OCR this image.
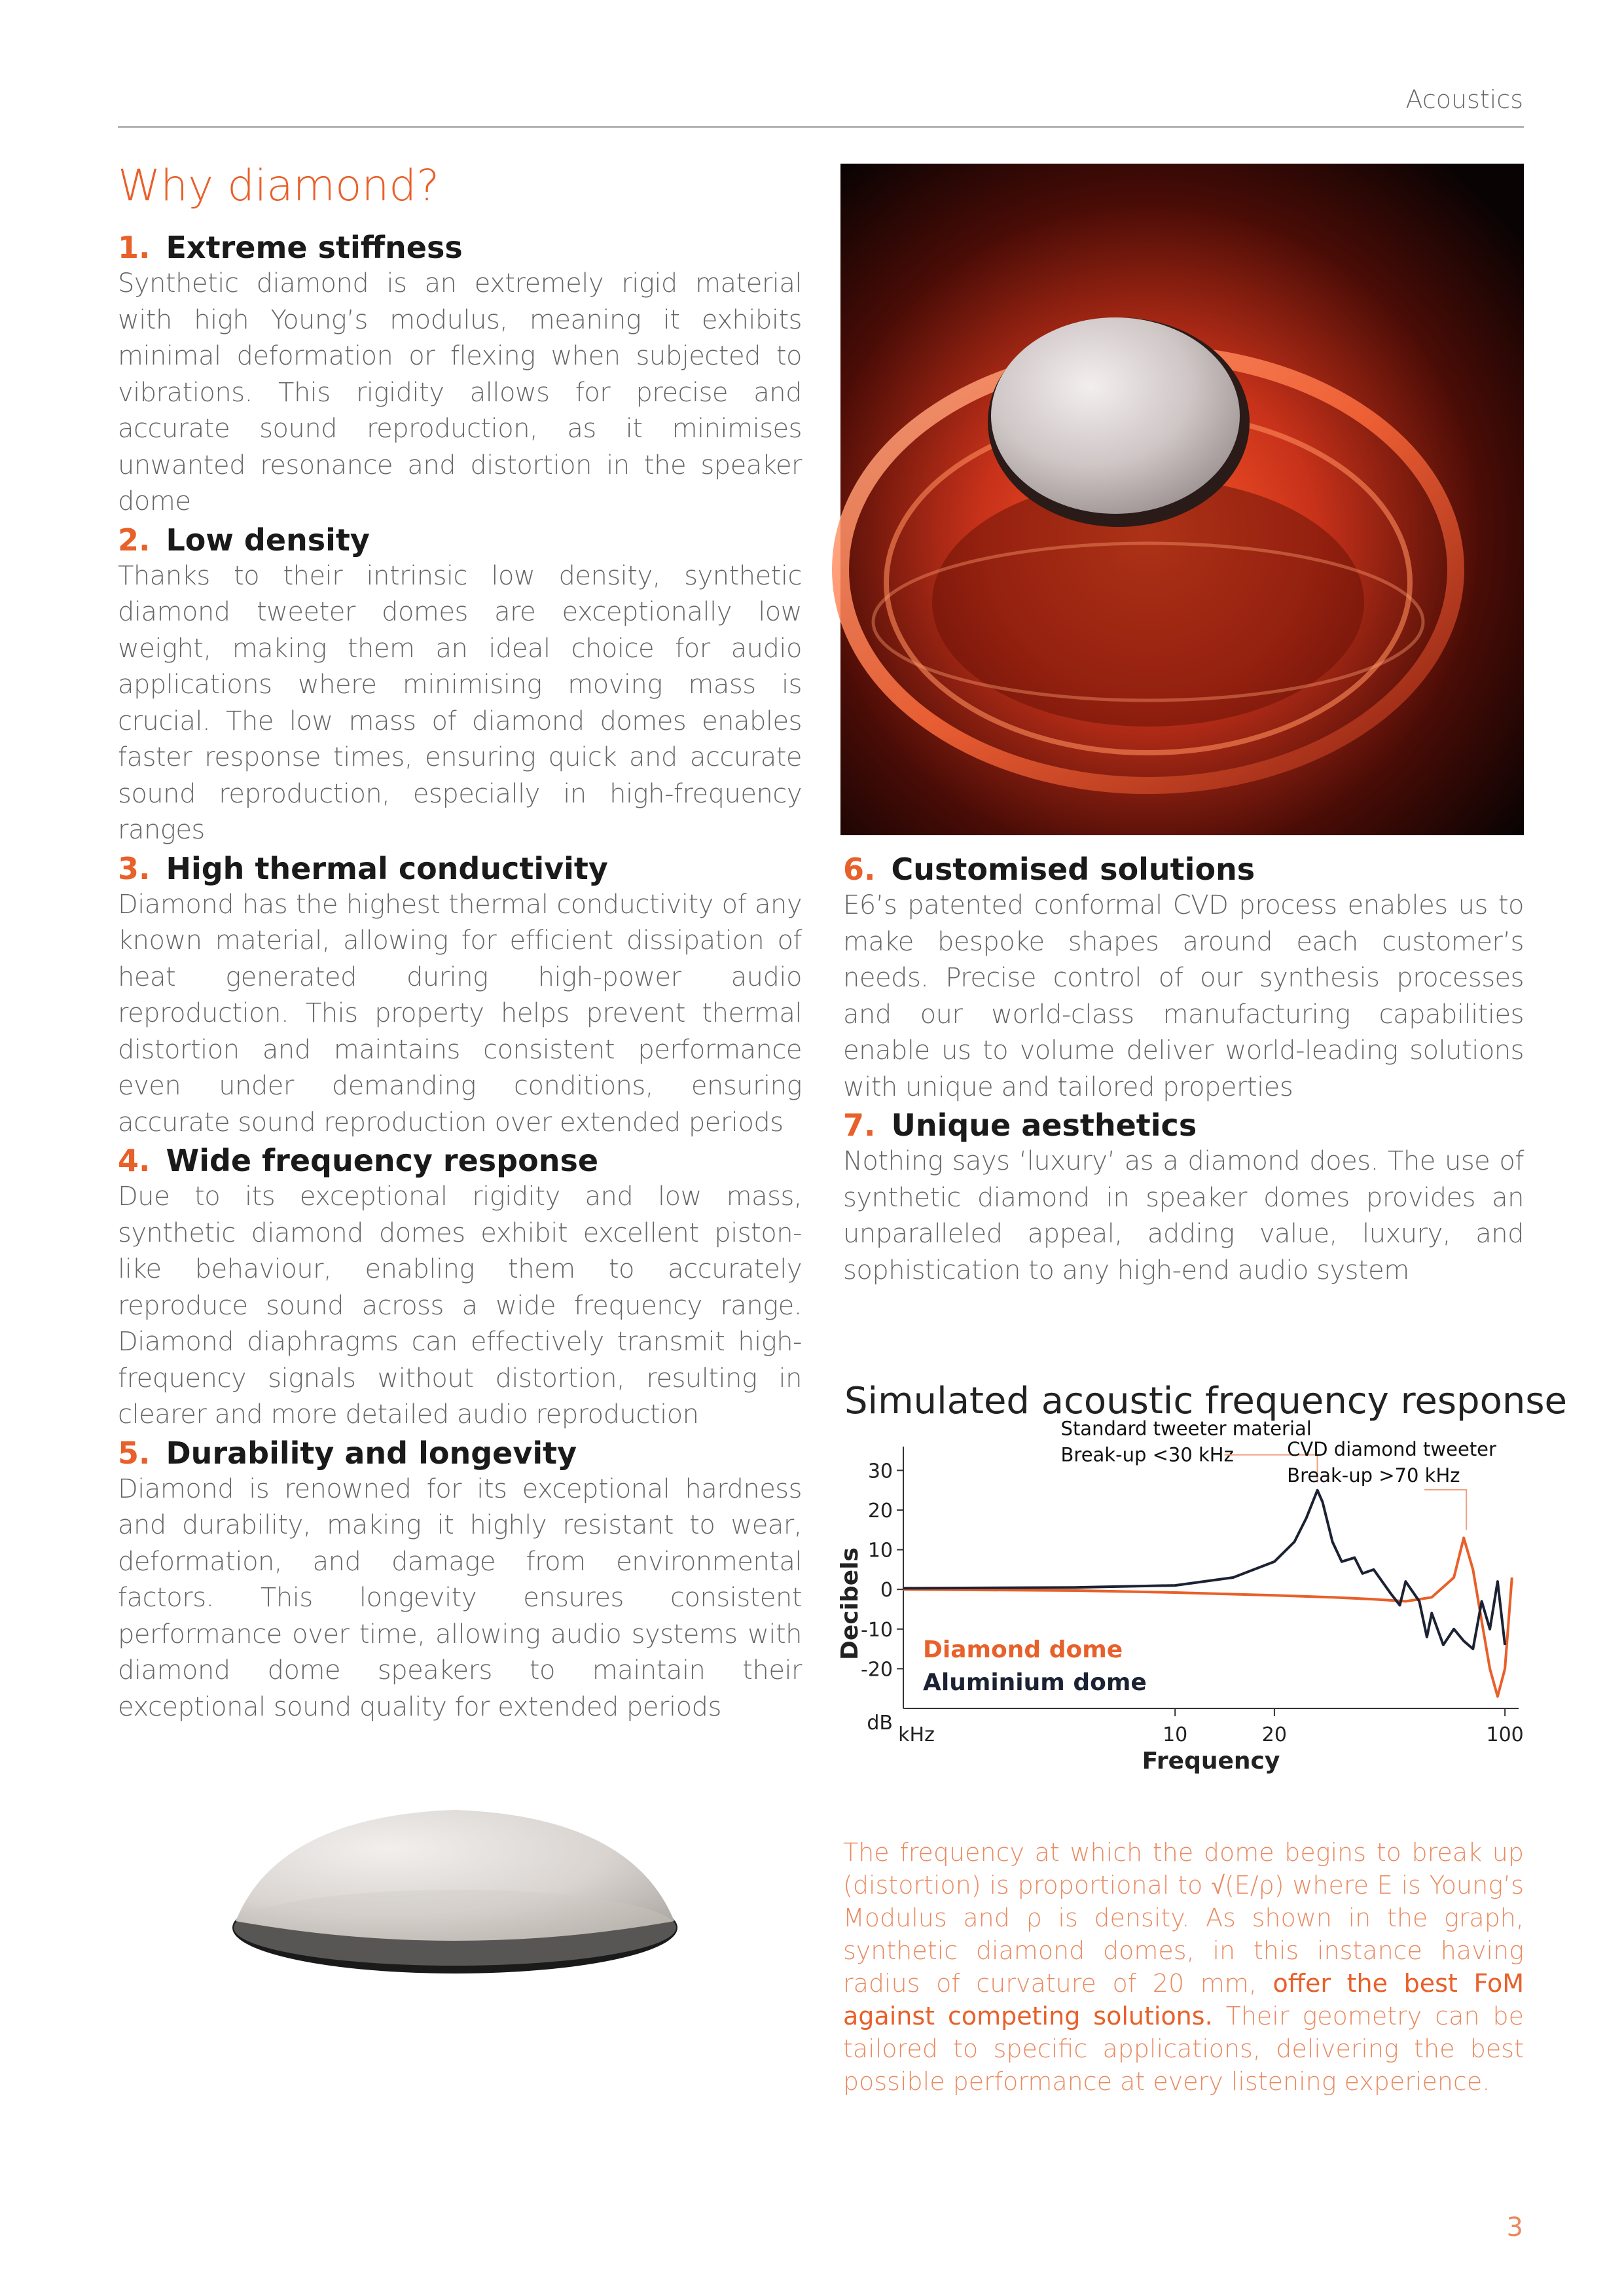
Acoustics
Why diamond?
1. Extreme stiffness

Synthetic diamond is an extremely rigid material with high Young’s modulus, meaning it exhibits minimal deformation or flexing when subjected to vibrations. This rigidity allows for precise and accurate sound reproduction, as it minimises unwanted resonance and distortion in the speaker dome

2. Low density

Thanks to their intrinsic low density, synthetic diamond tweeter domes are exceptionally low weight, making them an ideal choice for audio applications where minimising moving mass is crucial. The low mass of diamond domes enables faster response times, ensuring quick and accurate sound reproduction, especially in high-frequency ranges

3. High thermal conductivity

Diamond has the highest thermal conductivity of any known material, allowing for efficient dissipation of heat generated during high-power audio reproduction. This property helps prevent thermal distortion and maintains consistent performance even under demanding conditions, ensuring accurate sound reproduction over extended periods

4. Wide frequency response

Due to its exceptional rigidity and low mass, synthetic diamond domes exhibit excellent piston-like behaviour, enabling them to accurately reproduce sound across a wide frequency range. Diamond diaphragms can effectively transmit high-frequency signals without distortion, resulting in clearer and more detailed audio reproduction

5. Durability and longevity

Diamond is renowned for its exceptional hardness and durability, making it highly resistant to wear, deformation, and damage from environmental factors. This longevity ensures consistent performance over time, allowing audio systems with diamond dome speakers to maintain their exceptional sound quality for extended periods

6. Customised solutions

E6’s patented conformal CVD process enables us to make bespoke shapes around each customer’s needs. Precise control of our synthesis processes and our world-class manufacturing capabilities enable us to volume deliver world-leading solutions with unique and tailored properties

7. Unique aesthetics

Nothing says ‘luxury’ as a diamond does. The use of synthetic diamond in speaker domes provides an unparalleled appeal, adding value, luxury, and sophistication to any high-end audio system

Simulated acoustic frequency response
30
20
10
0
-10
-20
dB
Decibels
10	20	100
kHz
Frequency
Diamond dome
Aluminium dome
Standard tweeter material
Break-up <30 kHz	CVD diamond tweeter
Break-up >70 kHz
The frequency at which the dome begins to break up (distortion) is proportional to √(E/ρ) where E is Young’s Modulus and ρ is density. As shown in the graph, synthetic diamond domes, in this instance having radius of curvature of 20 mm, offer the best FoM against competing solutions. Their geometry can be tailored to specific applications, delivering the best possible performance at every listening experience.
3
